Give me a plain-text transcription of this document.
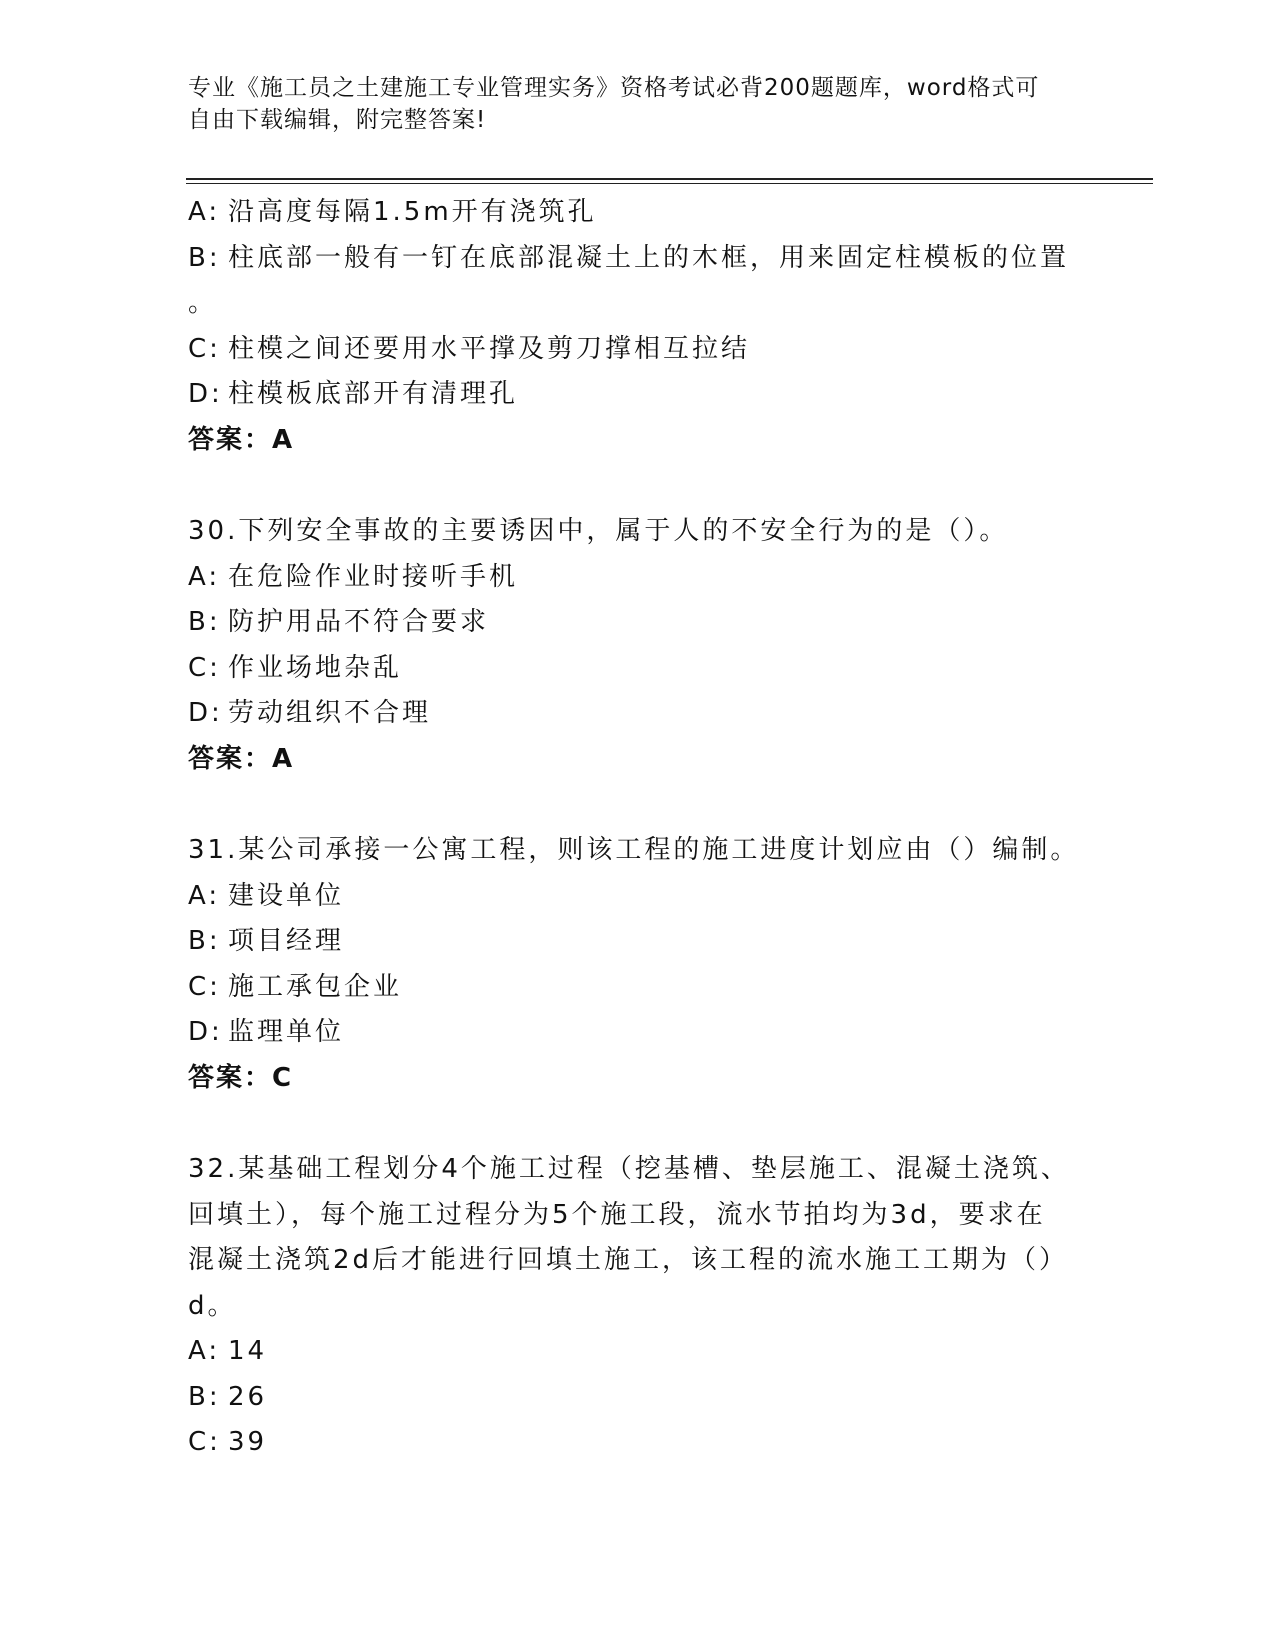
专业《施工员之土建施工专业管理实务》资格考试必背200题题库，word格式可
自由下载编辑，附完整答案!
A: 沿高度每隔1.5m开有浇筑孔
B: 柱底部一般有一钉在底部混凝土上的木框，用来固定柱模板的位置
。
C: 柱模之间还要用水平撑及剪刀撑相互拉结
D: 柱模板底部开有清理孔
答案：A
30.下列安全事故的主要诱因中，属于人的不安全行为的是（）。
A: 在危险作业时接听手机
B: 防护用品不符合要求
C: 作业场地杂乱
D: 劳动组织不合理
答案：A
31.某公司承接一公寓工程，则该工程的施工进度计划应由（）编制。
A: 建设单位
B: 项目经理
C: 施工承包企业
D: 监理单位
答案：C
32.某基础工程划分4个施工过程（挖基槽、垫层施工、混凝土浇筑、
回填土），每个施工过程分为5个施工段，流水节拍均为3d，要求在
混凝土浇筑2d后才能进行回填土施工，该工程的流水施工工期为（）
d。
A: 14
B: 26
C: 39
